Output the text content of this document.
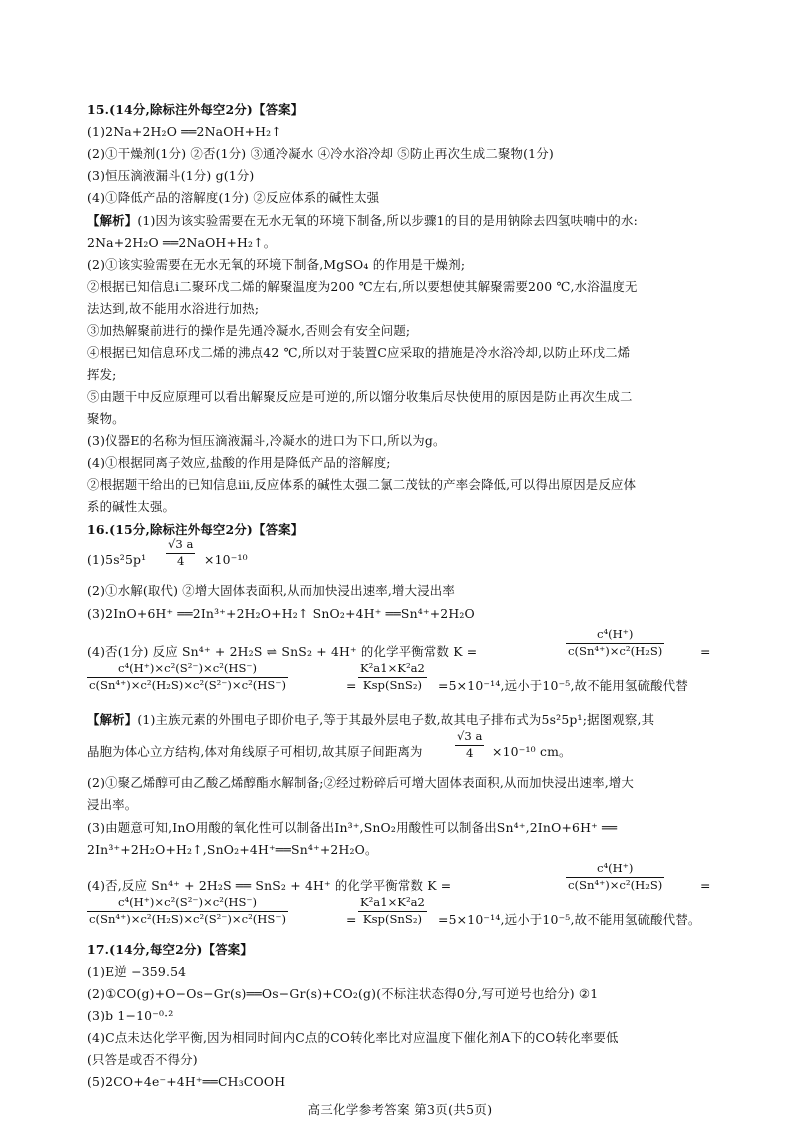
15.(14分,除标注外每空2分)【答案】
(1)2Na+2H₂O ══2NaOH+H₂↑
(2)①干燥剂(1分) ②否(1分) ③通冷凝水 ④冷水浴冷却 ⑤防止再次生成二聚物(1分)
(3)恒压滴液漏斗(1分) g(1分)
(4)①降低产品的溶解度(1分) ②反应体系的碱性太强
【解析】(1)因为该实验需要在无水无氧的环境下制备,所以步骤1的目的是用钠除去四氢呋喃中的水:
2Na+2H₂O ══2NaOH+H₂↑。
(2)①该实验需要在无水无氧的环境下制备,MgSO₄ 的作用是干燥剂;
②根据已知信息ⅰ二聚环戊二烯的解聚温度为200 ℃左右,所以要想使其解聚需要200 ℃,水浴温度无
法达到,故不能用水浴进行加热;
③加热解聚前进行的操作是先通冷凝水,否则会有安全问题;
④根据已知信息环戊二烯的沸点42 ℃,所以对于装置C应采取的措施是冷水浴冷却,以防止环戊二烯
挥发;
⑤由题干中反应原理可以看出解聚反应是可逆的,所以馏分收集后尽快使用的原因是防止再次生成二
聚物。
(3)仪器E的名称为恒压滴液漏斗,冷凝水的进口为下口,所以为g。
(4)①根据同离子效应,盐酸的作用是降低产品的溶解度;
②根据题干给出的已知信息ⅲ,反应体系的碱性太强二氯二茂钛的产率会降低,可以得出原因是反应体
系的碱性太强。
16.(15分,除标注外每空2分)【答案】
$(1)5s^25p^1 \frac{√3 a}{4} \times 10^{-10}$
(2)①水解(取代) ②增大固体表面积,从而加快浸出速率,增大浸出率
(3)2InO+6H⁺ ══2In³⁺+2H₂O+H₂↑ SnO₂+4H⁺ ══Sn⁴⁺+2H₂O
(4)否(1分) 反应 Sn⁴⁺ + 2H₂S ⇌ SnS₂ + 4H⁺ 的化学平衡常数 K =	$\frac{\text{c⁴(H⁺)}}{\text{c(Sn⁴⁺)×c²(H₂S)}}$	=
$\frac{\text{c⁴(H⁺)×c²(S²⁻)×c²(HS⁻)}}{\text{c(Sn⁴⁺)×c²(H₂S)×c²(S²⁻)×c²(HS⁻)}}$	=
K²a1×K²a2
Ksp(SnS₂)	=5×10⁻¹⁴,远小于10⁻⁵,故不能用氢硫酸代替
【解析】(1)主族元素的外围电子即价电子,等于其最外层电子数,故其电子排布式为5s²5p¹;据图观察,其
晶胞为体心立方结构,体对角线原子可相切,故其原子间距离为	$\frac{√3 a}{4} \times 10^{-10}$ cm。
(2)①聚乙烯醇可由乙酸乙烯醇酯水解制备;②经过粉碎后可增大固体表面积,从而加快浸出速率,增大
浸出率。
(3)由题意可知,InO用酸的氧化性可以制备出In³⁺,SnO₂用酸性可以制备出Sn⁴⁺,2InO+6H⁺ ══
2In³⁺+2H₂O+H₂↑,SnO₂+4H⁺══Sn⁴⁺+2H₂O。
(4)否,反应 Sn⁴⁺ + 2H₂S ══ SnS₂ + 4H⁺ 的化学平衡常数 K =	$\frac{\text{c⁴(H⁺)}}{\text{c(Sn⁴⁺)×c²(H₂S)}}$	=
$\frac{\text{c⁴(H⁺)×c²(S²⁻)×c²(HS⁻)}}{\text{c(Sn⁴⁺)×c²(H₂S)×c²(S²⁻)×c²(HS⁻)}}$	=
K²a1×K²a2
Ksp(SnS₂)	=5×10⁻¹⁴,远小于10⁻⁵,故不能用氢硫酸代替。
17.(14分,每空2分)【答案】
(1)E逆 −359.54
(2)①CO(g)+O−Os−Gr(s)══Os−Gr(s)+CO₂(g)(不标注状态得0分,写可逆号也给分) ②1
(3)b 1−10⁻⁰·²
(4)C点未达化学平衡,因为相同时间内C点的CO转化率比对应温度下催化剂A下的CO转化率要低
(只答是或否不得分)
(5)2CO+4e⁻+4H⁺══CH₃COOH
高三化学参考答案 第3页(共5页)
